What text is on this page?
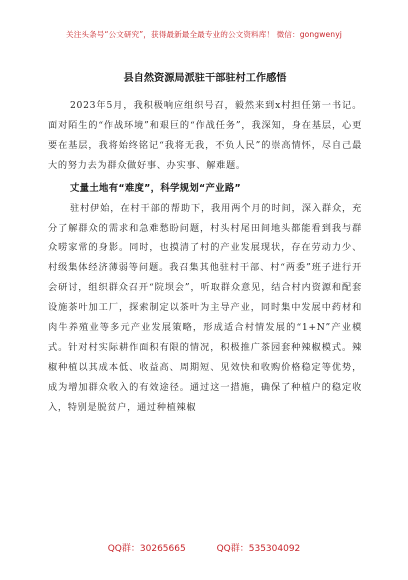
关注头条号“公文研究”，获得最新最全最专业的公文资料库！ 微信：gongwenyj
县自然资源局派驻干部驻村工作感悟

2023年5月，我积极响应组织号召，毅然来到x村担任第一书记。面对陌生的“作战环境”和艰巨的“作战任务”，我深知，身在基层，心更要在基层，我将始终铭记“我将无我，不负人民”的崇高情怀，尽自己最大的努力去为群众做好事、办实事、解难题。

丈量土地有“难度”，科学规划“产业路”

驻村伊始，在村干部的帮助下，我用两个月的时间，深入群众，充分了解群众的需求和急难愁盼问题，村头村尾田间地头都能看到我与群众唠家常的身影。同时，也摸清了村的产业发展现状，存在劳动力少、村级集体经济薄弱等问题。我召集其他驻村干部、村“两委”班子进行开会研讨，组织群众召开“院坝会”，听取群众意见，结合村内资源和配套设施茶叶加工厂，探索制定以茶叶为主导产业，同时集中发展中药材和肉牛养殖业等多元产业发展策略，形成适合村情发展的“1+N”产业模式。针对村实际耕作面积有限的情况，积极推广茶园套种辣椒模式。辣椒种植以其成本低、收益高、周期短、见效快和收购价格稳定等优势，成为增加群众收入的有效途径。通过这一措施，确保了种植户的稳定收入，特别是脱贫户，通过种植辣椒

QQ群：30265665	QQ群：535304092
